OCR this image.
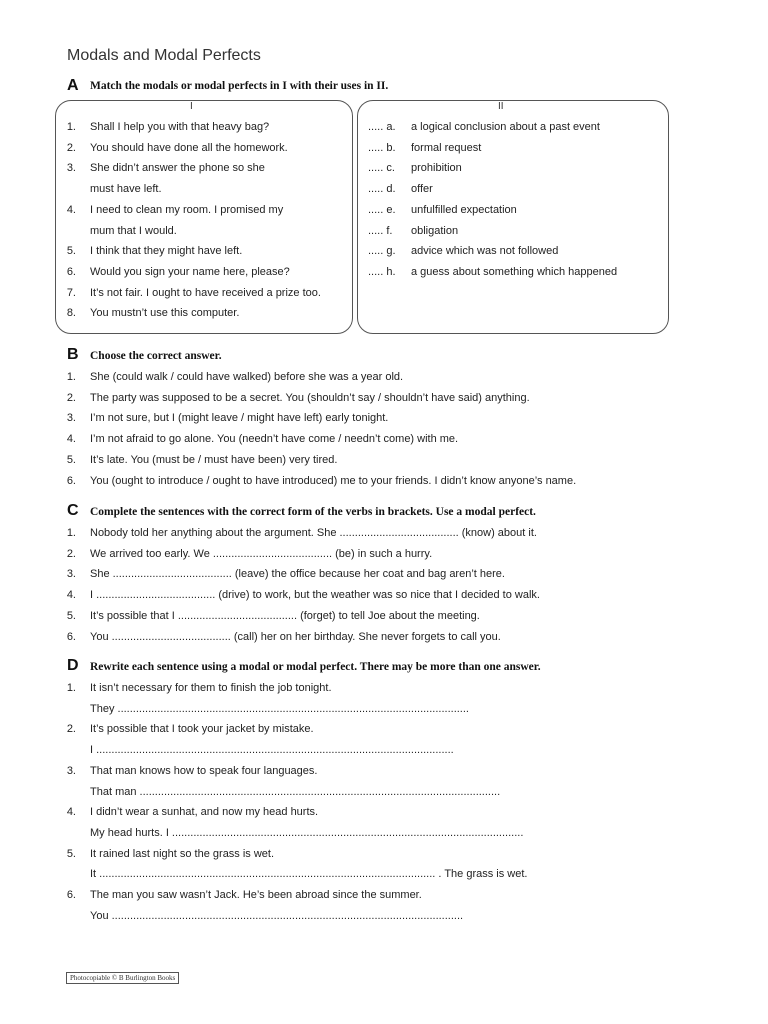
Modals and Modal Perfects
A Match the modals or modal perfects in I with their uses in II.
I	II
1. Shall I help you with that heavy bag?
2. You should have done all the homework.
3. She didn’t answer the phone so she
must have left.
4. I need to clean my room. I promised my
mum that I would.
5. I think that they might have left.
6. Would you sign your name here, please?
7. It’s not fair. I ought to have received a prize too.
8. You mustn’t use this computer.
..... a. a logical conclusion about a past event
..... b. formal request
..... c. prohibition
..... d. offer
..... e. unfulfilled expectation
..... f. obligation
..... g. advice which was not followed
..... h. a guess about something which happened
B Choose the correct answer.
1. She (could walk / could have walked) before she was a year old.
2. The party was supposed to be a secret. You (shouldn’t say / shouldn’t have said) anything.
3. I’m not sure, but I (might leave / might have left) early tonight.
4. I’m not afraid to go alone. You (needn’t have come / needn’t come) with me.
5. It’s late. You (must be / must have been) very tired.
6. You (ought to introduce / ought to have introduced) me to your friends. I didn’t know anyone’s name.
C Complete the sentences with the correct form of the verbs in brackets. Use a modal perfect.
1. Nobody told her anything about the argument. She ....................................... (know) about it.
2. We arrived too early. We ....................................... (be) in such a hurry.
3. She ....................................... (leave) the office because her coat and bag aren’t here.
4. I ....................................... (drive) to work, but the weather was so nice that I decided to walk.
5. It’s possible that I ....................................... (forget) to tell Joe about the meeting.
6. You ....................................... (call) her on her birthday. She never forgets to call you.
D Rewrite each sentence using a modal or modal perfect. There may be more than one answer.
1. It isn’t necessary for them to finish the job tonight.
They ...................................................................................................................
2. It’s possible that I took your jacket by mistake.
I .....................................................................................................................
3. That man knows how to speak four languages.
That man ......................................................................................................................
4. I didn’t wear a sunhat, and now my head hurts.
My head hurts. I ...................................................................................................................
5. It rained last night so the grass is wet.
It .............................................................................................................. . The grass is wet.
6. The man you saw wasn’t Jack. He’s been abroad since the summer.
You ...................................................................................................................
Photocopiable © B Burlington Books
